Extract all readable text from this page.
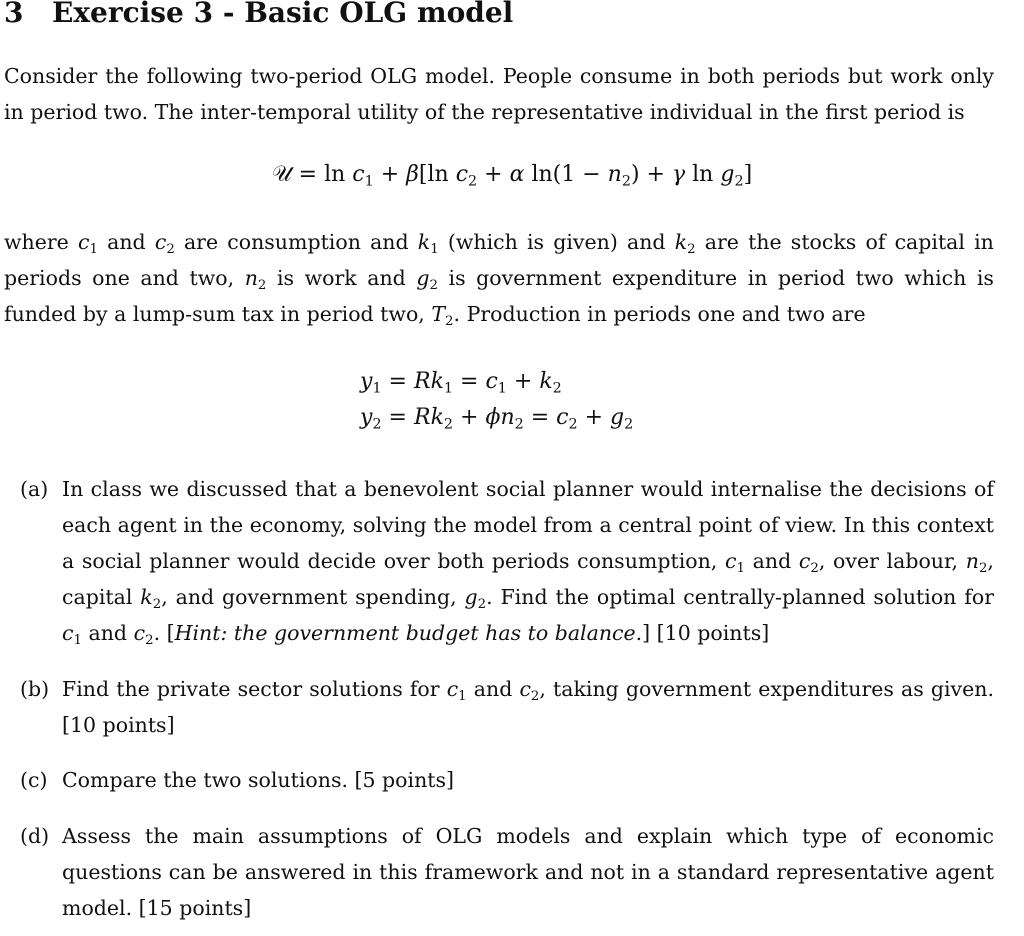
3 Exercise 3 - Basic OLG model

Consider the following two-period OLG model. People consume in both periods but work only in period two. The inter-temporal utility of the representative individual in the first period is

𝒰 = $\ln c_1 + \beta[\ln$ $c_2 + \alpha$ $\ln(1 - n_2) + \gamma$ $\ln g_2$]

where $c_1$ and $c_2$ are consumption and $k_1$ (which is given) and $k_2$ are the stocks of capital in periods one and two, $n_2$ is work and $g_2$ is government expenditure in period two which is funded by a lump-sum tax in period two, $T_2$. Production in periods one and two are

$y_1 = Rk_1 = c_1 + k_2$
$y_2 = Rk_2 + \phi n_2 = c_2 + g_2$
(a) In class we discussed that a benevolent social planner would internalise the decisions of each agent in the economy, solving the model from a central point of view. In this context a social planner would decide over both periods consumption, $c_1$ and $c_2$, over labour, $n_2$, capital $k_2$, and government spending, $g_2$. Find the optimal centrally-planned solution for $c_1$ and $c_2$. [Hint: the government budget has to balance.] [10 points]
(b) Find the private sector solutions for $c_1$ and $c_2$, taking government expenditures as given. [10 points]
(c) Compare the two solutions. [5 points]
(d) Assess the main assumptions of OLG models and explain which type of economic questions can be answered in this framework and not in a standard representative agent model. [15 points]
